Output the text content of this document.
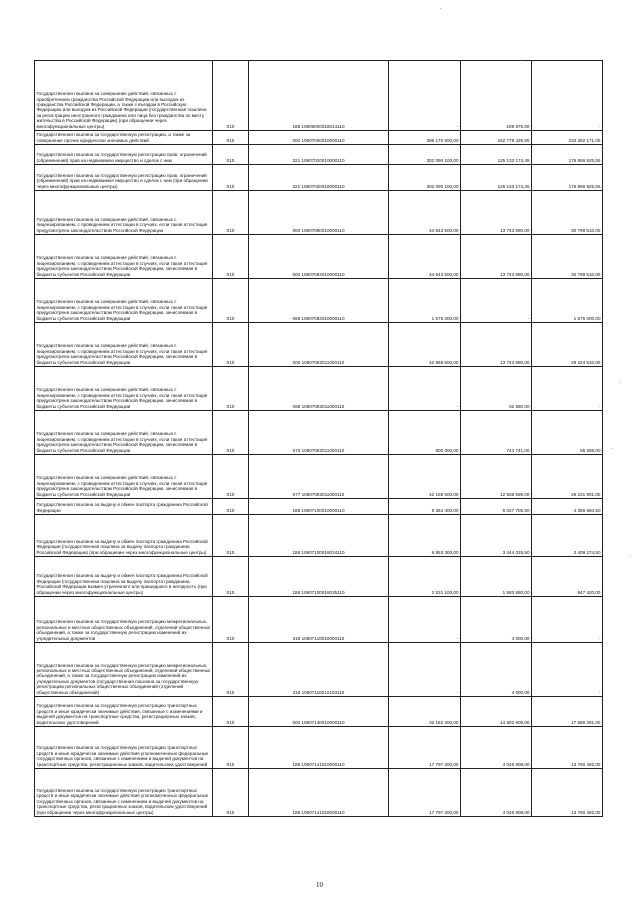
Государственная пошлина за совершение действий, связанных с приобретением гражданства Российской Федерации или выходом из гражданства Российской Федерации, а также с въездом в Российскую Федерацию или выездом из Российской Федерации (государственная пошлина за регистрацию иностранного гражданина или лица без гражданства по месту жительства в Российской Федерации) (при обращении через многофункциональные центры)	010	188 10806000018014110	-	199 675,00	-
Государственная пошлина за государственную регистрацию, а также за совершение прочих юридически значимых действий	010	000 10807000010000110	396 170 600,00	162 778 428,95	233 392 171,05
Государственная пошлина за государственную регистрацию прав, ограничений (обременений) прав на недвижимое имущество и сделок с ним	010	321 10807020010000110	302 090 100,00	125 133 174,45	176 956 925,55
Государственная пошлина за государственную регистрацию прав, ограничений (обременений) прав на недвижимое имущество и сделок с ним (при обращении через многофункциональные центры)	010	321 10807020018000110	302 090 100,00	125 133 174,45	176 956 925,55
Государственная пошлина за совершение действий, связанных с лицензированием, с проведением аттестации в случаях, если такая аттестация предусмотрена законодательством Российской Федерации	010	000 10807080010000110	44 543 500,00	13 743 990,00	30 799 510,00
Государственная пошлина за совершение действий, связанных с лицензированием, с проведением аттестации в случаях, если такая аттестация предусмотрена законодательством Российской Федерации, зачисляемая в бюджеты субъектов Российской Федерации	010	000 10807082010000110	44 543 500,00	13 743 990,00	30 799 510,00
Государственная пошлина за совершение действий, связанных с лицензированием, с проведением аттестации в случаях, если такая аттестация предусмотрена законодательством Российской Федерации, зачисляемая в бюджеты субъектов Российской Федерации	010	068 10807082010000110	1 575 000,00	-	1 575 000,00
Государственная пошлина за совершение действий, связанных с лицензированием, с проведением аттестации в случаях, если такая аттестация предусмотрена законодательством Российской Федерации, зачисляемая в бюджеты субъектов Российской Федерации	010	000 10807082011000110	42 968 500,00	13 743 990,00	29 224 510,00
Государственная пошлина за совершение действий, связанных с лицензированием, с проведением аттестации в случаях, если такая аттестация предусмотрена законодательством Российской Федерации, зачисляемая в бюджеты субъектов Российской Федерации	010	068 10807082011000110	-	62 650,00	-
Государственная пошлина за совершение действий, связанных с лицензированием, с проведением аттестации в случаях, если такая аттестация предусмотрена законодательством Российской Федерации, зачисляемая в бюджеты субъектов Российской Федерации	010	074 10807082011000110	800 000,00	744 741,00	55 259,00
Государственная пошлина за совершение действий, связанных с лицензированием, с проведением аттестации в случаях, если такая аттестация предусмотрена законодательством Российской Федерации, зачисляемая в бюджеты субъектов Российской Федерации	010	077 10807082011000110	42 168 500,00	12 936 599,00	29 231 901,00
Государственная пошлина за выдачу и обмен паспорта гражданина Российской Федерации	010	188 10807100010000110	9 384 400,00	5 027 705,50	4 356 694,50
Государственная пошлина за выдачу и обмен паспорта гражданина Российской Федерации (государственная пошлина за выдачу паспорта гражданина Российской Федерации) (при обращении через многофункциональные центры)	010	188 10807100018034110	6 853 300,00	3 444 025,50	3 409 274,50
Государственная пошлина за выдачу и обмен паспорта гражданина Российской Федерации (государственная пошлина за выдачу паспорта гражданина Российской Федерации взамен утраченного или пришедшего в негодность (при обращении через многофункциональные центры)	010	188 10807100018035110	2 531 100,00	1 583 680,00	947 420,00
Государственная пошлина за государственную регистрацию межрегиональных, региональных и местных общественных объединений, отделений общественных объединений, а также за государственную регистрацию изменений их учредительных документов	010	318 10807110010000110	-	4 000,00	-
Государственная пошлина за государственную регистрацию межрегиональных, региональных и местных общественных объединений, отделений общественных объединений, а также за государственную регистрацию изменений их учредительных документов (государственная пошлина за государственную регистрацию региональных общественных объединений (отделений общественных объединений)	010	318 10807110010103110	-	4 000,00	-
Государственная пошлина за государственную регистрацию транспортных средств и иные юридически значимые действия, связанные с изменениями и выдачей документов на транспортные средства, регистрационных знаков, водительских удостоверений	010	000 10807140010000110	32 182 300,00	14 592 909,00	17 589 391,00
Государственная пошлина за государственную регистрацию транспортных средств и иные юридически значимые действия уполномоченных федеральных государственных органов, связанные с изменением и выдачей документов на транспортные средства, регистрационных знаков, водительских удостоверений	010	188 10807141010000110	17 797 300,00	4 046 808,00	13 750 492,00
Государственная пошлина за государственную регистрацию транспортных средств и иные юридически значимые действия уполномоченных федеральных государственных органов, связанные с изменением и выдачей документов на транспортные средства, регистрационных знаков, водительских удостоверений (при обращении через многофункциональные центры)	010	188 10807141018000110	17 797 300,00	4 046 808,00	13 750 492,00
10
